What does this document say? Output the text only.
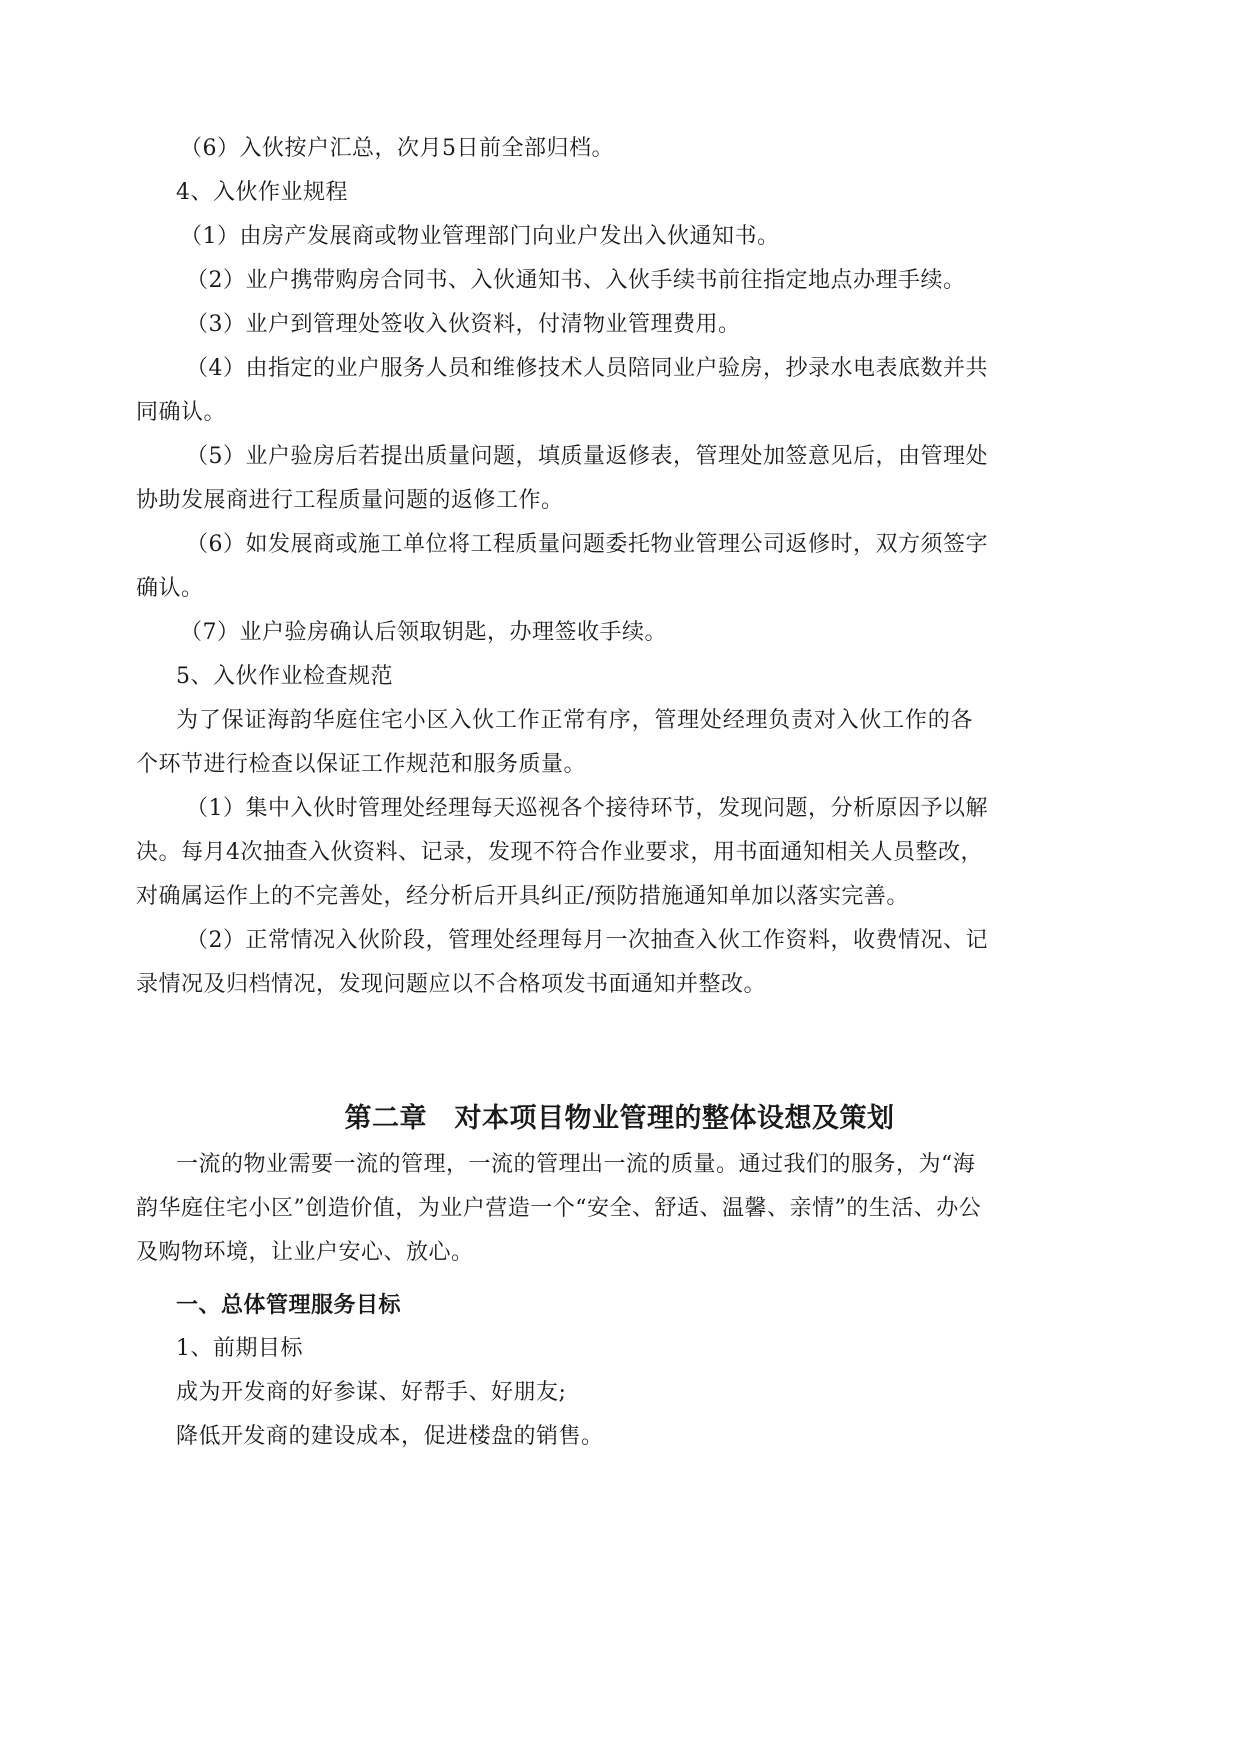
（6）入伙按户汇总，次月5日前全部归档。
4、入伙作业规程
（1）由房产发展商或物业管理部门向业户发出入伙通知书。
（2）业户携带购房合同书、入伙通知书、入伙手续书前往指定地点办理手续。
（3）业户到管理处签收入伙资料，付清物业管理费用。
（4）由指定的业户服务人员和维修技术人员陪同业户验房，抄录水电表底数并共
同确认。
（5）业户验房后若提出质量问题，填质量返修表，管理处加签意见后，由管理处
协助发展商进行工程质量问题的返修工作。
（6）如发展商或施工单位将工程质量问题委托物业管理公司返修时，双方须签字
确认。
（7）业户验房确认后领取钥匙，办理签收手续。
5、入伙作业检查规范
为了保证海韵华庭住宅小区入伙工作正常有序，管理处经理负责对入伙工作的各
个环节进行检查以保证工作规范和服务质量。
（1）集中入伙时管理处经理每天巡视各个接待环节，发现问题，分析原因予以解
决。每月4次抽查入伙资料、记录，发现不符合作业要求，用书面通知相关人员整改，
对确属运作上的不完善处，经分析后开具纠正/预防措施通知单加以落实完善。
（2）正常情况入伙阶段，管理处经理每月一次抽查入伙工作资料，收费情况、记
录情况及归档情况，发现问题应以不合格项发书面通知并整改。
第二章　对本项目物业管理的整体设想及策划
一流的物业需要一流的管理，一流的管理出一流的质量。通过我们的服务，为“海
韵华庭住宅小区”创造价值，为业户营造一个“安全、舒适、温馨、亲情”的生活、办公
及购物环境，让业户安心、放心。
一、总体管理服务目标
1、前期目标
成为开发商的好参谋、好帮手、好朋友;
降低开发商的建设成本，促进楼盘的销售。
